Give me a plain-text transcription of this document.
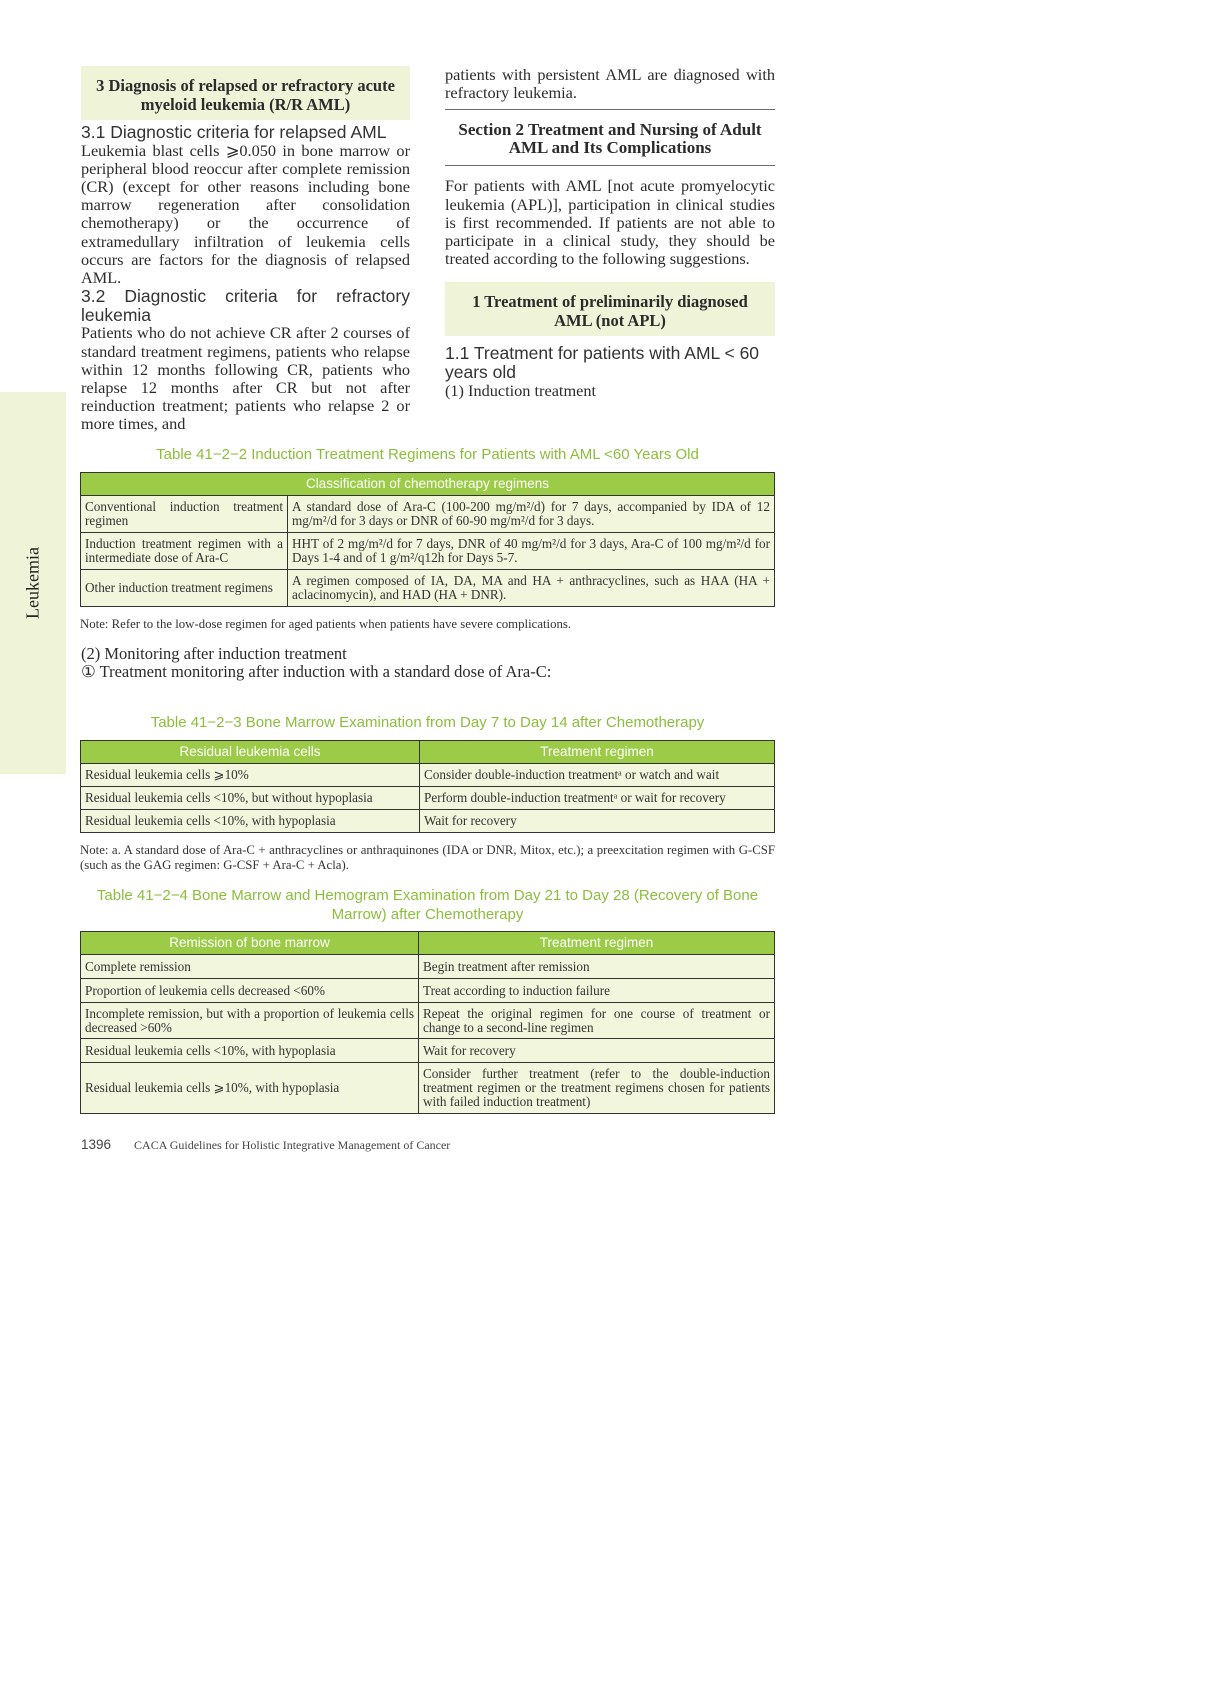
Leukemia

3 Diagnosis of relapsed or refractory acute myeloid leukemia (R/R AML)

3.1 Diagnostic criteria for relapsed AML

Leukemia blast cells ⩾0.050 in bone marrow or peripheral blood reoccur after complete remission (CR) (except for other reasons including bone marrow regeneration after consolidation chemotherapy) or the occurrence of extramedullary infiltration of leukemia cells occurs are factors for the diagnosis of relapsed AML.

3.2 Diagnostic criteria for refractory leukemia

Patients who do not achieve CR after 2 courses of standard treatment regimens, patients who relapse within 12 months following CR, patients who relapse 12 months after CR but not after reinduction treatment; patients who relapse 2 or more times, and

patients with persistent AML are diagnosed with refractory leukemia.

Section 2 Treatment and Nursing of Adult AML and Its Complications

For patients with AML [not acute promyelocytic leukemia (APL)], participation in clinical studies is first recommended. If patients are not able to participate in a clinical study, they should be treated according to the following suggestions.

1 Treatment of preliminarily diagnosed AML (not APL)

1.1 Treatment for patients with AML < 60 years old

(1) Induction treatment

Table 41−2−2 Induction Treatment Regimens for Patients with AML <60 Years Old
Classification of chemotherapy regimens	
Conventional induction treatment regimen	A standard dose of Ara-C (100-200 mg/m²/d) for 7 days, accompanied by IDA of 12 mg/m²/d for 3 days or DNR of 60-90 mg/m²/d for 3 days.
Induction treatment regimen with a intermediate dose of Ara-C	HHT of 2 mg/m²/d for 7 days, DNR of 40 mg/m²/d for 3 days, Ara-C of 100 mg/m²/d for Days 1-4 and of 1 g/m²/q12h for Days 5-7.
Other induction treatment regimens	A regimen composed of IA, DA, MA and HA + anthracyclines, such as HAA (HA + aclacinomycin), and HAD (HA + DNR).
Note: Refer to the low-dose regimen for aged patients when patients have severe complications.
(2) Monitoring after induction treatment
① Treatment monitoring after induction with a standard dose of Ara-C:
Table 41−2−3 Bone Marrow Examination from Day 7 to Day 14 after Chemotherapy
Residual leukemia cells	Treatment regimen
Residual leukemia cells ⩾10%	Consider double-induction treatmentᵃ or watch and wait
Residual leukemia cells <10%, but without hypoplasia	Perform double-induction treatmentᵃ or wait for recovery
Residual leukemia cells <10%, with hypoplasia	Wait for recovery
Note: a. A standard dose of Ara-C + anthracyclines or anthraquinones (IDA or DNR, Mitox, etc.); a preexcitation regimen with G-CSF (such as the GAG regimen: G-CSF + Ara-C + Acla).
Table 41−2−4 Bone Marrow and Hemogram Examination from Day 21 to Day 28 (Recovery of Bone Marrow) after Chemotherapy
Remission of bone marrow	Treatment regimen
Complete remission	Begin treatment after remission
Proportion of leukemia cells decreased <60%	Treat according to induction failure
Incomplete remission, but with a proportion of leukemia cells decreased >60%	Repeat the original regimen for one course of treatment or change to a second-line regimen
Residual leukemia cells <10%, with hypoplasia	Wait for recovery
Residual leukemia cells ⩾10%, with hypoplasia	Consider further treatment (refer to the double-induction treatment regimen or the treatment regimens chosen for patients with failed induction treatment)
1396 CACA Guidelines for Holistic Integrative Management of Cancer
